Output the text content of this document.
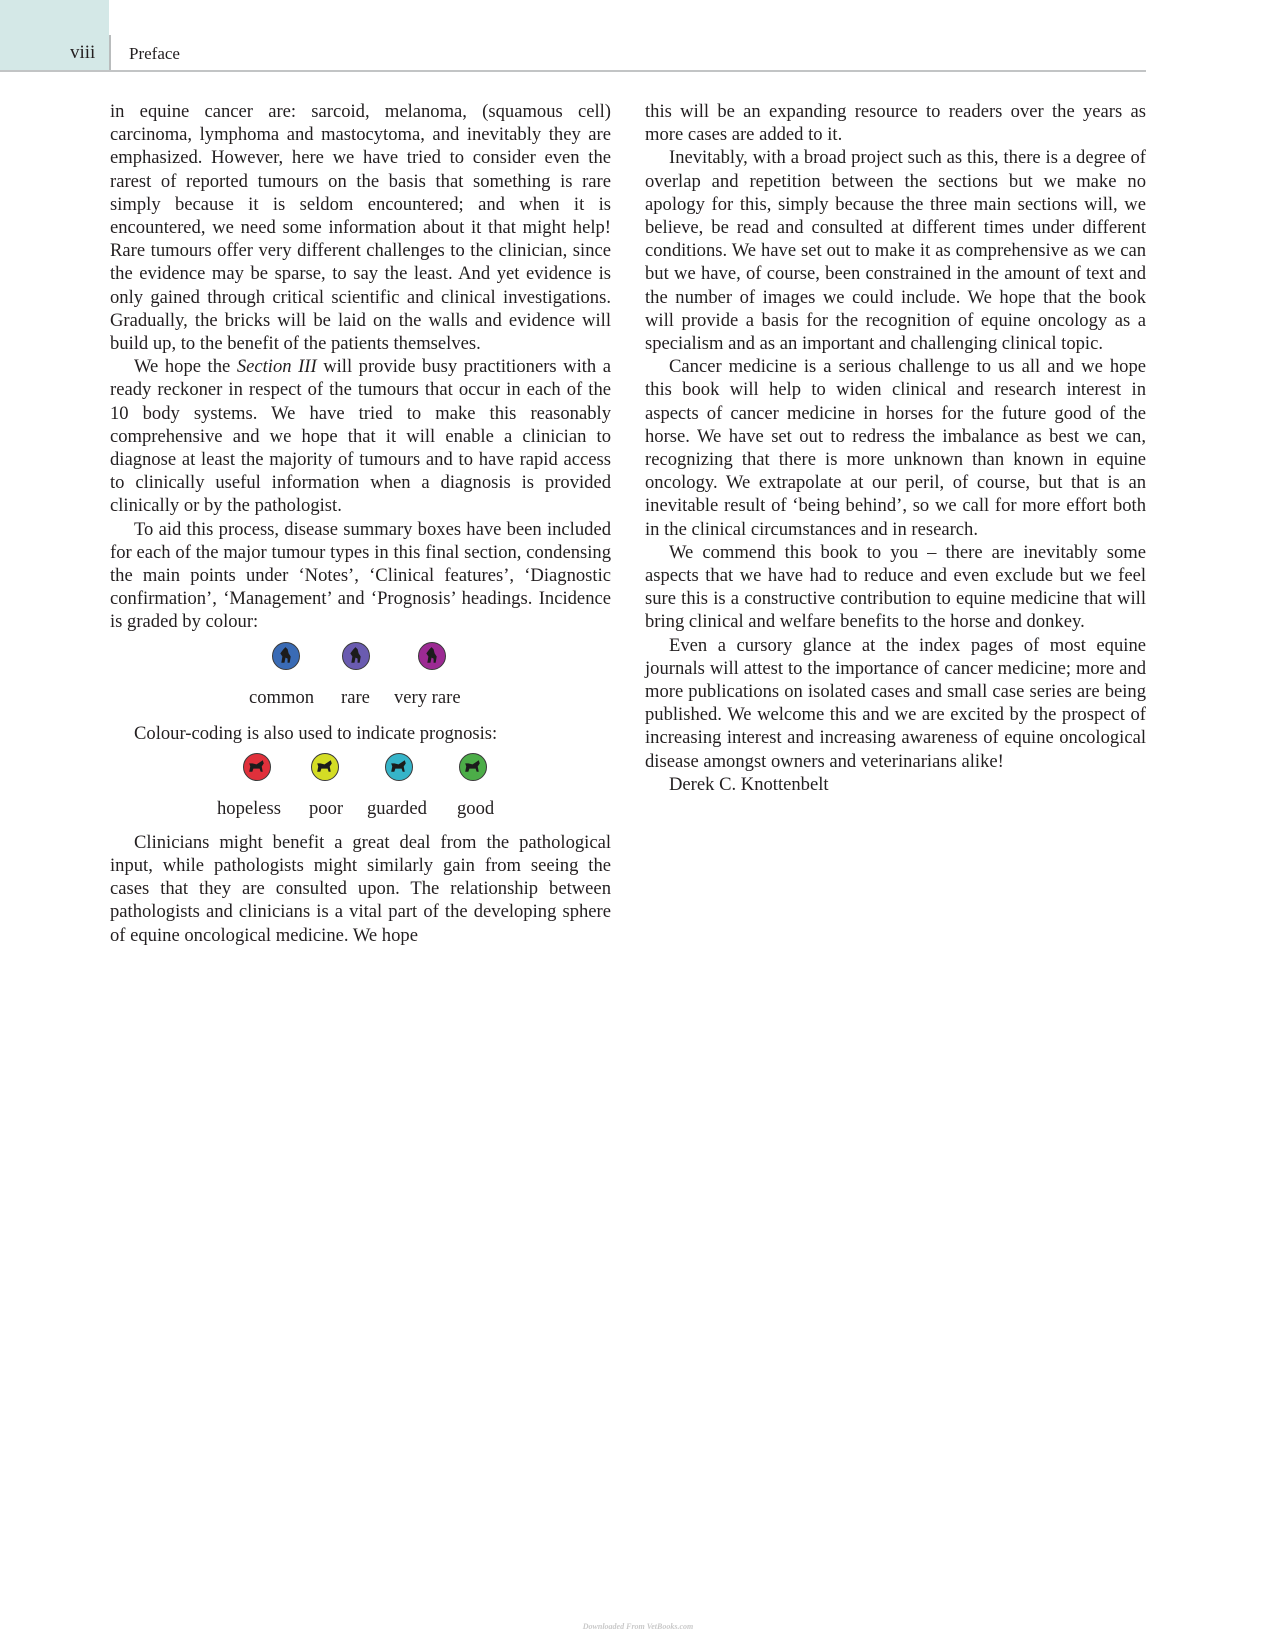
viii Preface

in equine cancer are: sarcoid, melanoma, (squamous cell) carcinoma, lymphoma and mastocytoma, and inevitably they are emphasized. However, here we have tried to consider even the rarest of reported tumours on the basis that something is rare simply because it is seldom encountered; and when it is encountered, we need some information about it that might help! Rare tumours offer very different challenges to the clinician, since the evidence may be sparse, to say the least. And yet evidence is only gained through critical scientific and clinical investigations. Gradually, the bricks will be laid on the walls and evidence will build up, to the benefit of the patients themselves.

We hope the Section III will provide busy practitioners with a ready reckoner in respect of the tumours that occur in each of the 10 body systems. We have tried to make this reasonably comprehensive and we hope that it will enable a clinician to diagnose at least the majority of tumours and to have rapid access to clinically useful information when a diagnosis is provided clinically or by the pathologist.

To aid this process, disease summary boxes have been included for each of the major tumour types in this final section, condensing the main points under ‘Notes’, ‘Clinical features’, ‘Diagnostic confirmation’, ‘Management’ and ‘Prognosis’ headings. Incidence is graded by colour:

common rare very rare

Colour-coding is also used to indicate prognosis:

hopeless poor guarded good

Clinicians might benefit a great deal from the pathological input, while pathologists might similarly gain from seeing the cases that they are consulted upon. The relationship between pathologists and clinicians is a vital part of the developing sphere of equine oncological medicine. We hope

this will be an expanding resource to readers over the years as more cases are added to it.

Inevitably, with a broad project such as this, there is a degree of overlap and repetition between the sections but we make no apology for this, simply because the three main sections will, we believe, be read and consulted at different times under different conditions. We have set out to make it as comprehensive as we can but we have, of course, been constrained in the amount of text and the number of images we could include. We hope that the book will provide a basis for the recognition of equine oncology as a specialism and as an important and challenging clinical topic.

Cancer medicine is a serious challenge to us all and we hope this book will help to widen clinical and research interest in aspects of cancer medicine in horses for the future good of the horse. We have set out to redress the imbalance as best we can, recognizing that there is more unknown than known in equine oncology. We extrapolate at our peril, of course, but that is an inevitable result of ‘being behind’, so we call for more effort both in the clinical circumstances and in research.

We commend this book to you – there are inevitably some aspects that we have had to reduce and even exclude but we feel sure this is a constructive contribution to equine medicine that will bring clinical and welfare benefits to the horse and donkey.

Even a cursory glance at the index pages of most equine journals will attest to the importance of cancer medicine; more and more publications on isolated cases and small case series are being published. We welcome this and we are excited by the prospect of increasing interest and increasing awareness of equine oncological disease amongst owners and veterinarians alike!

Derek C. Knottenbelt

Downloaded From VetBooks.com
